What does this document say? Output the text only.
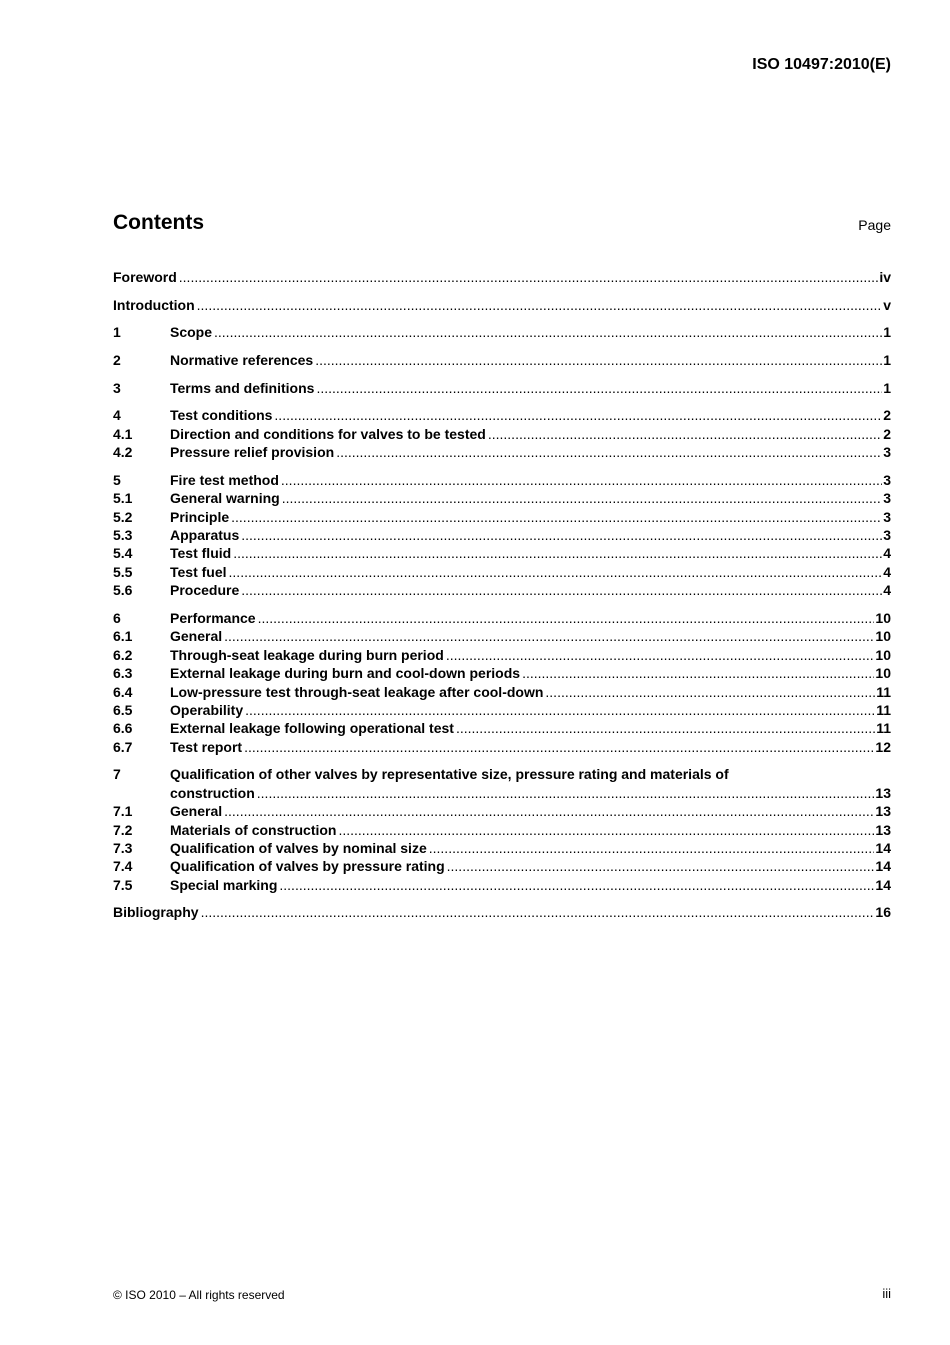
ISO 10497:2010(E)
Contents	Page
Foreword .....	iv
Introduction .....	v
1	Scope .....	1
2	Normative references .....	1
3	Terms and definitions .....	1
4	Test conditions .....	2
4.1	Direction and conditions for valves to be tested .....	2
4.2	Pressure relief provision .....	3
5	Fire test method .....	3
5.1	General warning .....	3
5.2	Principle .....	3
5.3	Apparatus .....	3
5.4	Test fluid .....	4
5.5	Test fuel .....	4
5.6	Procedure .....	4
6	Performance .....	10
6.1	General .....	10
6.2	Through-seat leakage during burn period .....	10
6.3	External leakage during burn and cool-down periods .....	10
6.4	Low-pressure test through-seat leakage after cool-down .....	11
6.5	Operability .....	11
6.6	External leakage following operational test .....	11
6.7	Test report .....	12
7	Qualification of other valves by representative size, pressure rating and materials of
construction .....	13
7.1	General .....	13
7.2	Materials of construction .....	13
7.3	Qualification of valves by nominal size .....	14
7.4	Qualification of valves by pressure rating .....	14
7.5	Special marking .....	14
Bibliography .....	16
© ISO 2010 – All rights reserved	iii
